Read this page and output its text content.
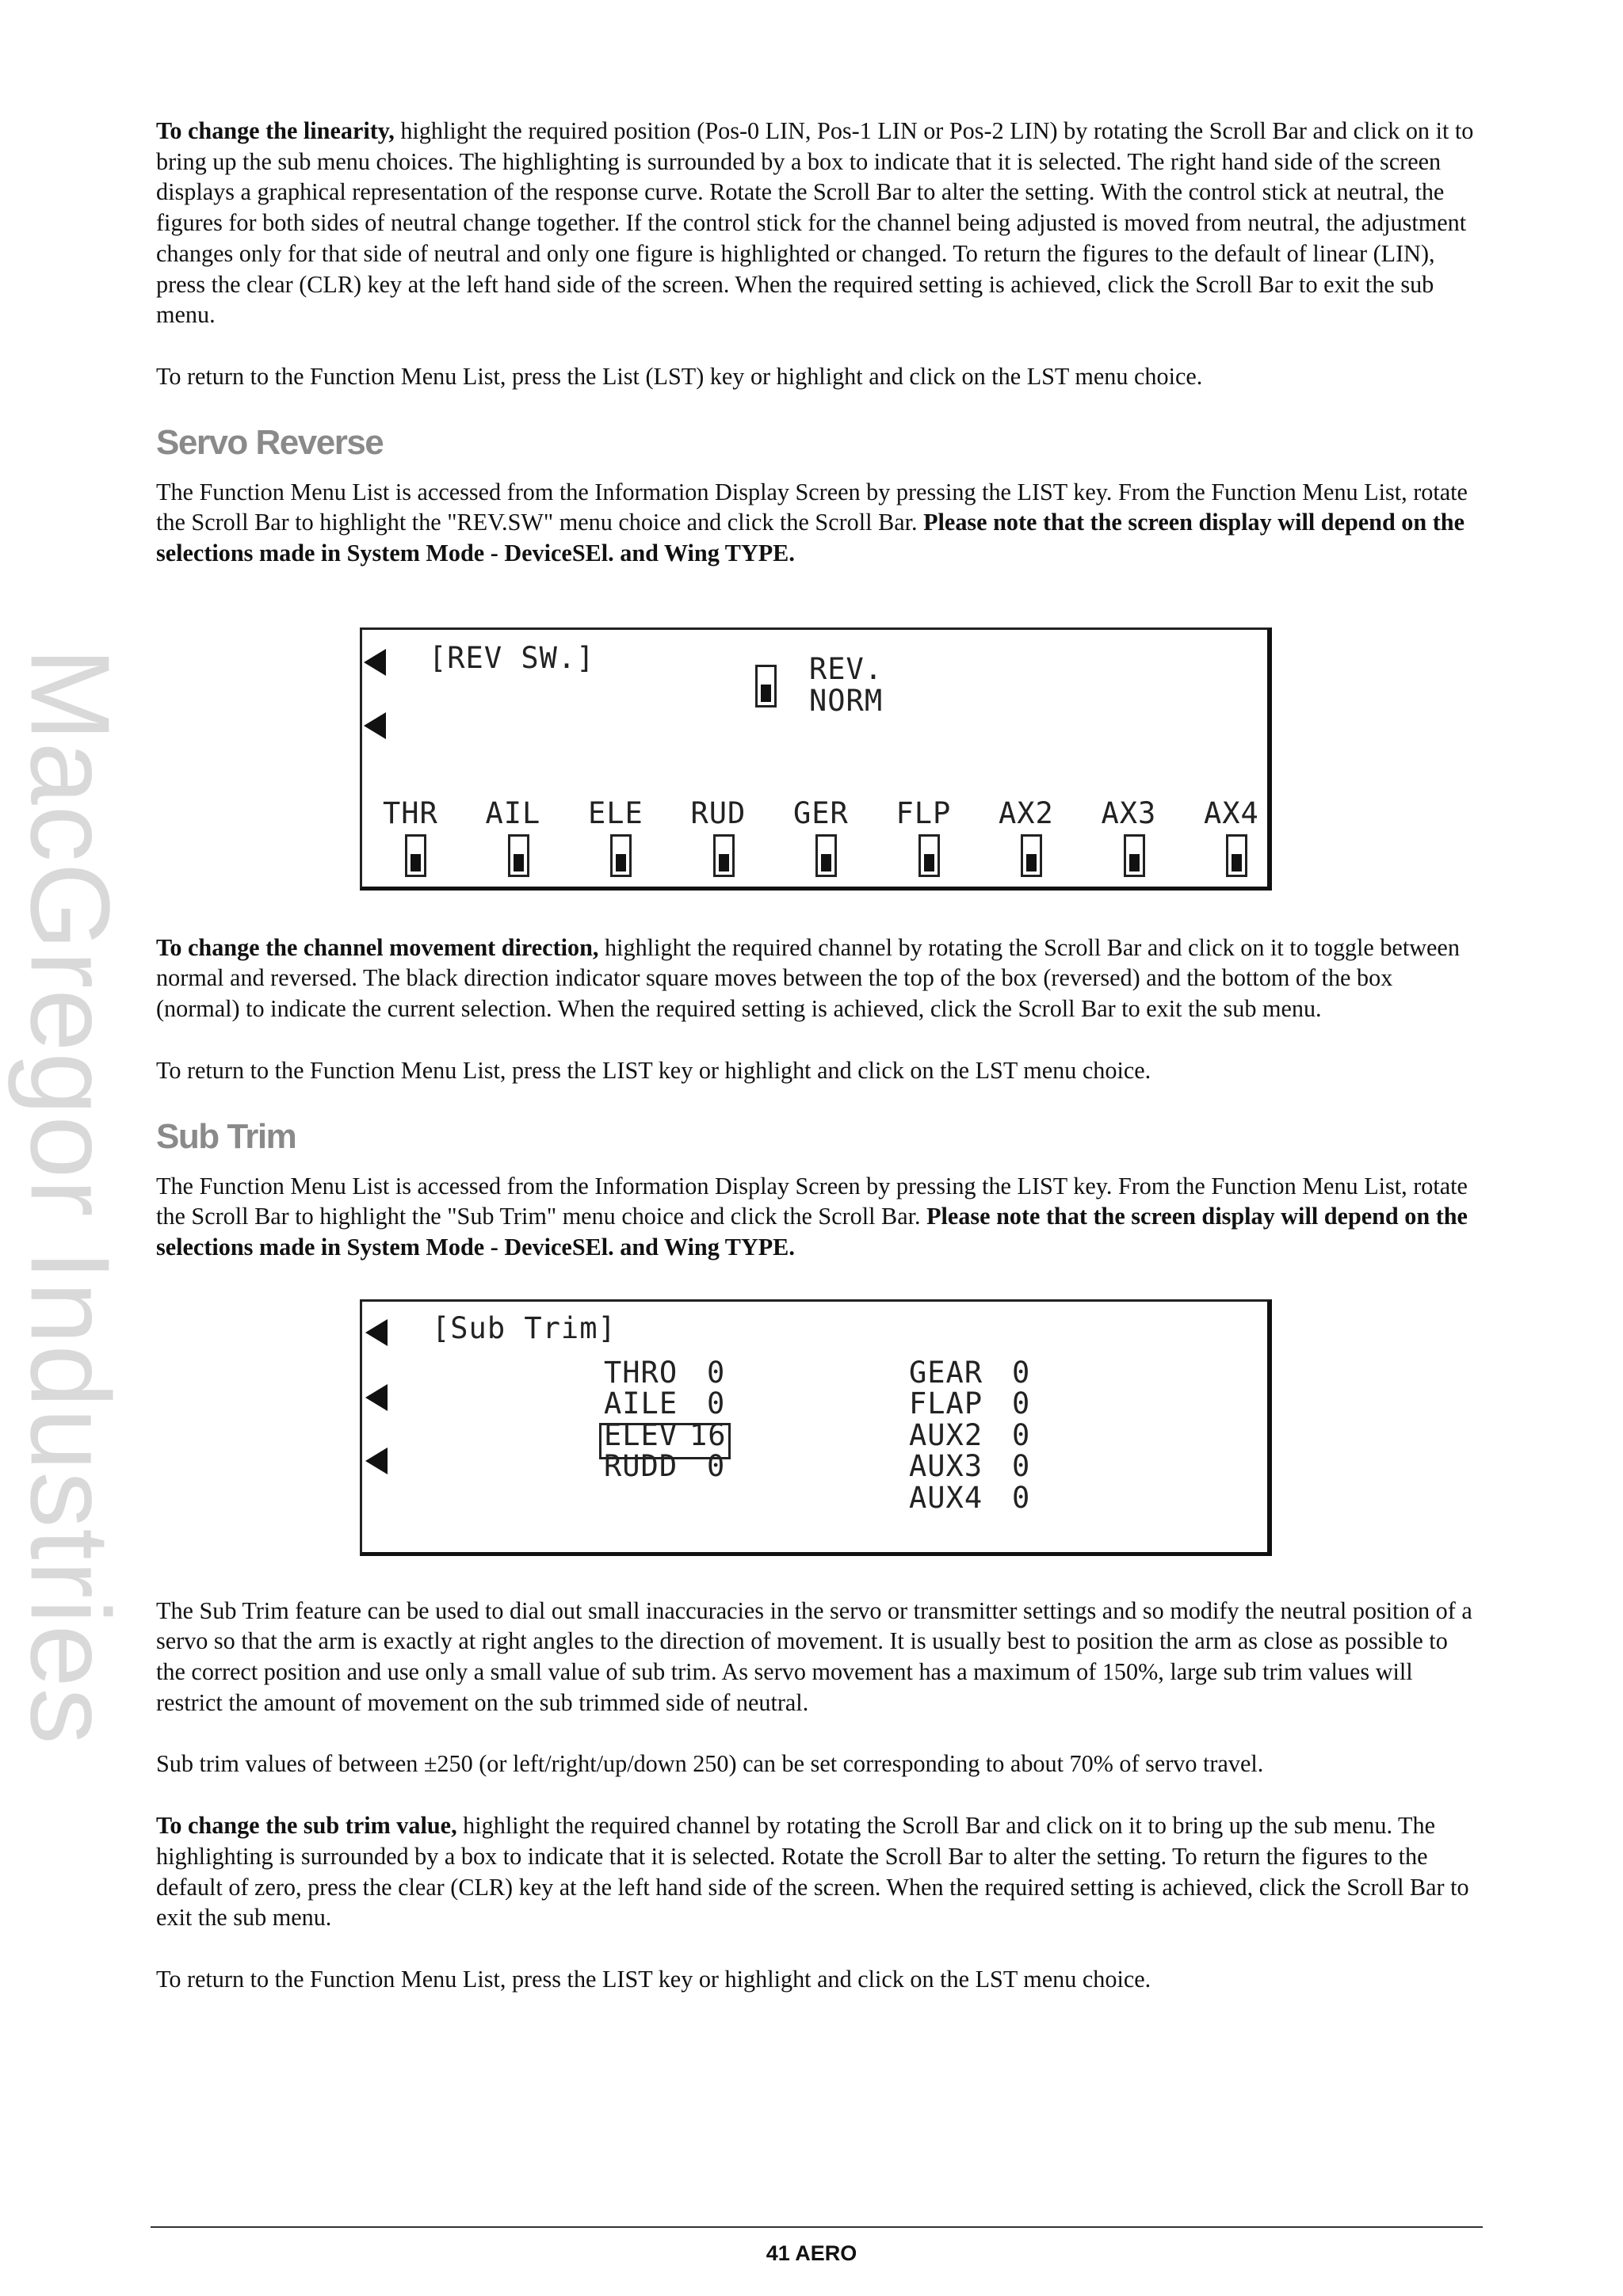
MacGregor Industries

To change the linearity, highlight the required position (Pos-0 LIN, Pos-1 LIN or Pos-2 LIN) by rotating the Scroll Bar and click on it to bring up the sub menu choices. The highlighting is surrounded by a box to indicate that it is selected. The right hand side of the screen displays a graphical representation of the response curve. Rotate the Scroll Bar to alter the setting. With the control stick at neutral, the figures for both sides of neutral change together. If the control stick for the channel being adjusted is moved from neutral, the adjustment changes only for that side of neutral and only one figure is highlighted or changed. To return the figures to the default of linear (LIN), press the clear (CLR) key at the left hand side of the screen. When the required setting is achieved, click the Scroll Bar to exit the sub menu.

To return to the Function Menu List, press the List (LST) key or highlight and click on the LST menu choice.

Servo Reverse

The Function Menu List is accessed from the Information Display Screen by pressing the LIST key. From the Function Menu List, rotate the Scroll Bar to highlight the "REV.SW" menu choice and click the Scroll Bar. Please note that the screen display will depend on the selections made in System Mode - DeviceSEl. and Wing TYPE.

[REV SW.]	REV.
NORM
THR AIL ELE RUD GER FLP AX2 AX3 AX4

To change the channel movement direction, highlight the required channel by rotating the Scroll Bar and click on it to toggle between normal and reversed. The black direction indicator square moves between the top of the box (reversed) and the bottom of the box (normal) to indicate the current selection. When the required setting is achieved, click the Scroll Bar to exit the sub menu.

To return to the Function Menu List, press the LIST key or highlight and click on the LST menu choice.

Sub Trim

The Function Menu List is accessed from the Information Display Screen by pressing the LIST key. From the Function Menu List, rotate the Scroll Bar to highlight the "Sub Trim" menu choice and click the Scroll Bar. Please note that the screen display will depend on the selections made in System Mode - DeviceSEl. and Wing TYPE.

[Sub Trim]
THRO 0
AILE 0
ELEV 16
RUDD 0
GEAR 0
FLAP 0
AUX2 0
AUX3 0
AUX4 0

The Sub Trim feature can be used to dial out small inaccuracies in the servo or transmitter settings and so modify the neutral position of a servo so that the arm is exactly at right angles to the direction of movement. It is usually best to position the arm as close as possible to the correct position and use only a small value of sub trim. As servo movement has a maximum of 150%, large sub trim values will restrict the amount of movement on the sub trimmed side of neutral.

Sub trim values of between ±250 (or left/right/up/down 250) can be set corresponding to about 70% of servo travel.

To change the sub trim value, highlight the required channel by rotating the Scroll Bar and click on it to bring up the sub menu. The highlighting is surrounded by a box to indicate that it is selected. Rotate the Scroll Bar to alter the setting. To return the figures to the default of zero, press the clear (CLR) key at the left hand side of the screen. When the required setting is achieved, click the Scroll Bar to exit the sub menu.

To return to the Function Menu List, press the LIST key or highlight and click on the LST menu choice.

41 AERO
